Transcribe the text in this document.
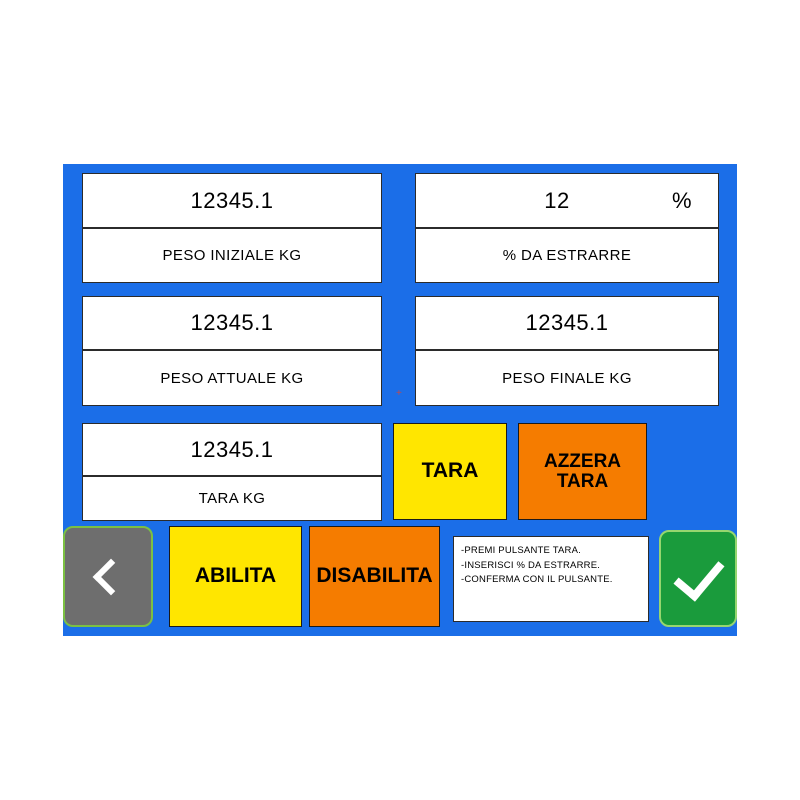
12345.1
PESO INIZIALE KG
12	%
% DA ESTRARRE
12345.1
PESO ATTUALE KG
12345.1
PESO FINALE KG
+
12345.1
TARA KG
TARA	AZZERA
TARA
ABILITA	DISABILITA
-PREMI PULSANTE TARA.
-INSERISCI % DA ESTRARRE.
-CONFERMA CON IL PULSANTE.
